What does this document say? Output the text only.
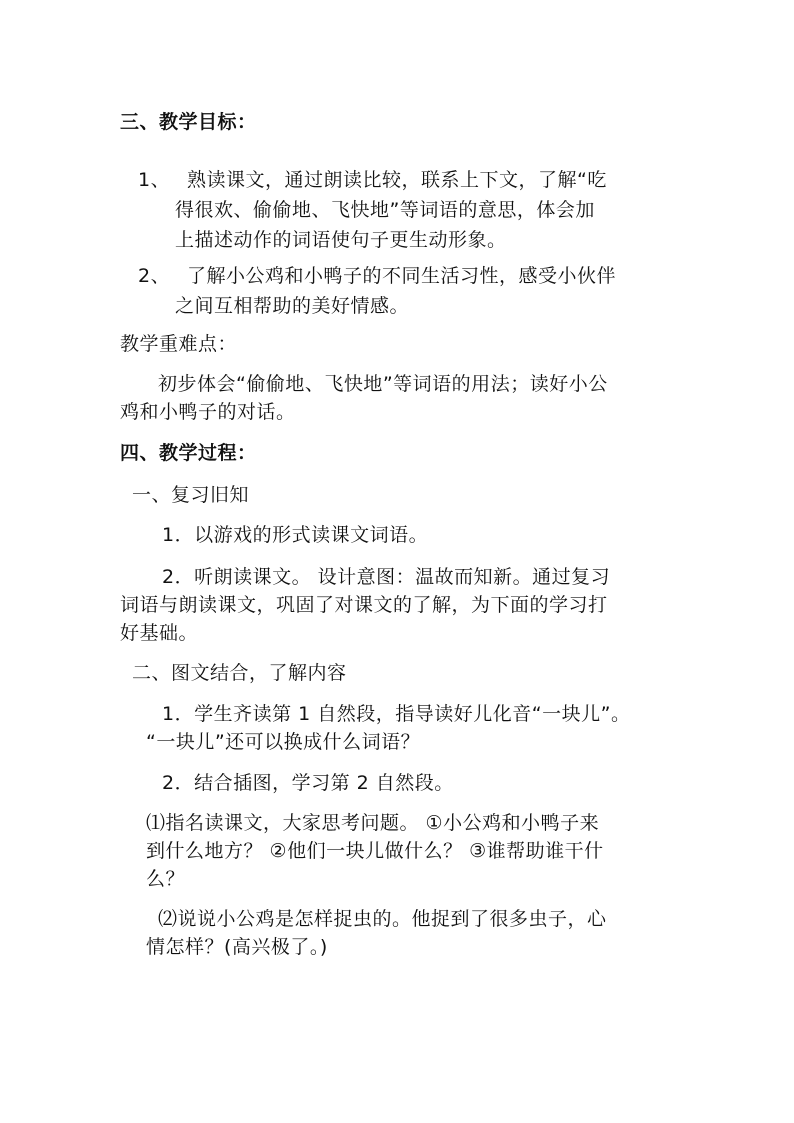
三、教学目标：
1、 熟读课文，通过朗读比较，联系上下文，了解“吃
得很欢、偷偷地、飞快地”等词语的意思，体会加
上描述动作的词语使句子更生动形象。
2、 了解小公鸡和小鸭子的不同生活习性，感受小伙伴
之间互相帮助的美好情感。
教学重难点：
初步体会“偷偷地、飞快地”等词语的用法；读好小公
鸡和小鸭子的对话。
四、教学过程：
一、复习旧知
1．以游戏的形式读课文词语。
2．听朗读课文。 设计意图：温故而知新。通过复习
词语与朗读课文，巩固了对课文的了解，为下面的学习打
好基础。
二、图文结合，了解内容
1．学生齐读第 1 自然段，指导读好儿化音“一块儿”。
“一块儿”还可以换成什么词语？
2．结合插图，学习第 2 自然段。
⑴指名读课文，大家思考问题。 ①小公鸡和小鸭子来
到什么地方？ ②他们一块儿做什么？ ③谁帮助谁干什
么？
⑵说说小公鸡是怎样捉虫的。他捉到了很多虫子，心
情怎样？(高兴极了。)
